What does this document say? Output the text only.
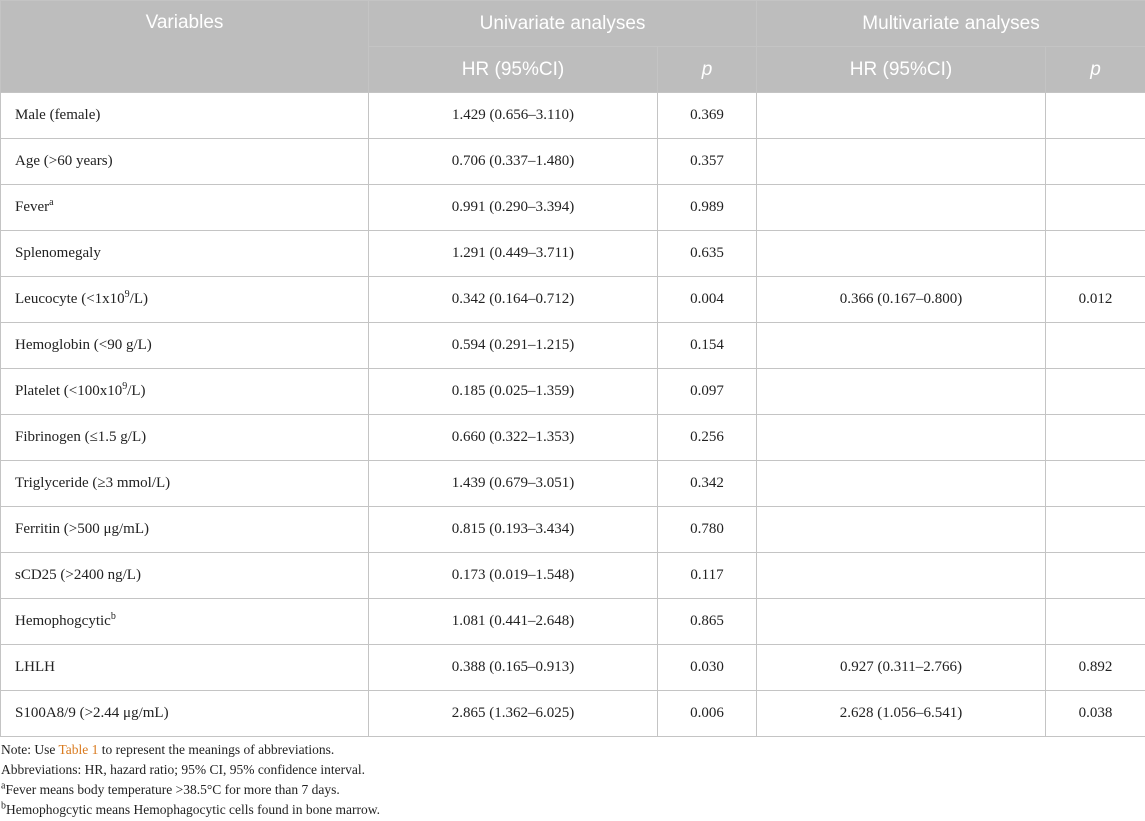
Variables	Univariate analyses		Multivariate analyses	
	HR (95%CI)	p	HR (95%CI)	p
Male (female)	1.429 (0.656–3.110)	0.369		
Age (>60 years)	0.706 (0.337–1.480)	0.357		
Fever$^a$	0.991 (0.290–3.394)	0.989		
Splenomegaly	1.291 (0.449–3.711)	0.635		
Leucocyte $(<1x10^9/L)$	0.342 (0.164–0.712)	0.004	0.366 (0.167–0.800)	0.012
Hemoglobin (<90 g/L)	0.594 (0.291–1.215)	0.154		
Platelet $(<100x10^9/L)$	0.185 (0.025–1.359)	0.097		
Fibrinogen (≤1.5 g/L)	0.660 (0.322–1.353)	0.256		
Triglyceride (≥3 mmol/L)	1.439 (0.679–3.051)	0.342		
Ferritin (>500 μg/mL)	0.815 (0.193–3.434)	0.780		
sCD25 (>2400 ng/L)	0.173 (0.019–1.548)	0.117		
Hemophogcytic$^b$	1.081 (0.441–2.648)	0.865		
LHLH	0.388 (0.165–0.913)	0.030	0.927 (0.311–2.766)	0.892
S100A8/9 (>2.44 μg/mL)	2.865 (1.362–6.025)	0.006	2.628 (1.056–6.541)	0.038
Note: Use Table 1 to represent the meanings of abbreviations.
Abbreviations: HR, hazard ratio; 95% CI, 95% confidence interval.
$^a$Fever means body temperature >38.5°C for more than 7 days.
$^b$Hemophogcytic means Hemophagocytic cells found in bone marrow.
